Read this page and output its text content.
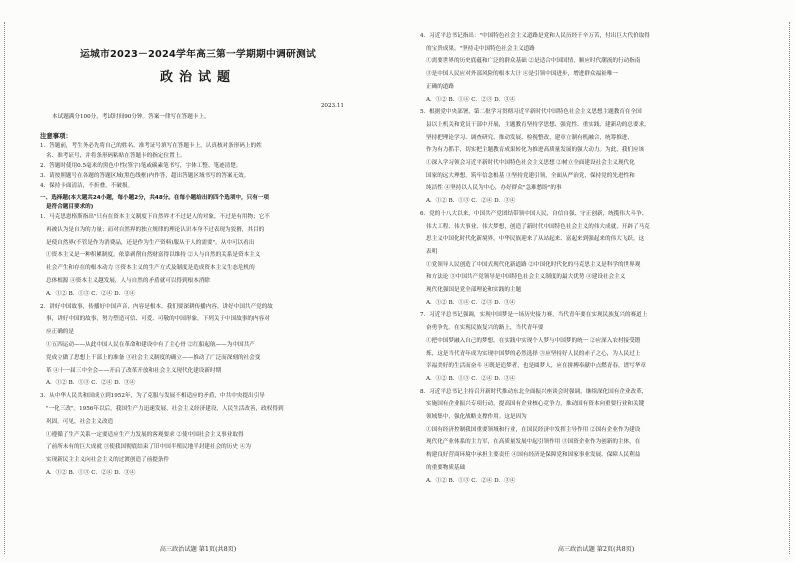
运城市2023－2024学年高三第一学期期中调研测试
政治试题
2023.11
本试题满分100分，考试时间90分钟。答案一律写在答题卡上。
注意事项：
1．答题前，考生务必先将自己的姓名、准考证号填写在答题卡上，认真核对条形码上的姓
名、准考证号，并将条形码粘贴在答题卡的指定位置上。
2．答题时使用0.5毫米的黑色中性(签字)笔或碳素笔书写，字体工整、笔迹清楚。
3．请按照题号在各题的答题区域(黑色线框)内作答，超出答题区域书写的答案无效。
4．保持卡面清洁，不折叠，不破损。
一、选择题(本大题共24小题，每小题2分，共48分。在每小题给出的四个选项中，只有一项
是符合题目要求的)
1．马克思恩格斯指出"只有在资本主义制度下自然界才不过是人的对象，不过是有用物；它不
再被认为是自为的力量；而对自然界的独立规律的理论认识本身不过表现为狡猾，其目的
是使自然界(不管是作为消费品，还是作为生产资料)服从于人的需要"。从中可以看出
①资本主义是一种积累制度，依靠剥削自然财富得以维持 ②人与自然的关系是资本主义
社会产生和存在的根本动力 ③资本主义的生产方式及制度是造成资本主义生态危机的
总体根源 ④资本主义越发展，人与自然的矛盾就可以得到根本消除
A．①② B．①③ C．②④ D．③④
2．讲好中国故事，传播好中国声音，内容是根本。我们要深耕传播内容，讲好中国共产党的故
事，讲好中国的故事，努力塑造可信、可爱、可敬的中国形象。下列关于中国故事的内容对
应正确的是
①五四运动——从此中国人民在革命和建设中有了主心骨 ②红船起航——为中国共产
党成立做了思想上干部上的准备 ③社会主义制度的确立——推动了广泛而深刻的社会变
革 ④十一届三中全会——开启了改革开放和社会主义现代化建设新时期
A．①② B．①③ C．②④ D．③④
3．从中华人民共和国成立到1952年，为了克服与发展不相适应的矛盾，中共中央提出引导
"一化三改"。1956年以后，我国生产力迅速发展，社会主义经济建设，人民生活改善，政权得到
巩固。可见，社会主义改造
①遵循了生产关系一定要适应生产力发展的客观要求 ②使中国社会主义事业取得
了前所未有的巨大成就 ③使我国彻底结束了旧中国半殖民地半封建社会的历史 ④为
实现新民主主义向社会主义的过渡创造了前提条件
A．①② B．①③ C．②④ D．③④
高三政治试题 第1页(共8页)
4．习近平总书记指出："中国特色社会主义道路是党和人民历经千辛万苦，付出巨大代价取得
的宝贵成果。"坚持走中国特色社会主义道路
①需要世界的历史底蕴和广泛的群众基础 ②是适合中国国情，顺应时代潮流的行动指南
③是中国人民应对外部风险的根本大计 ④是引领中国进步，增进群众福祉唯一
正确的道路
A．①② B．①④ C．②③ D．③④
5．根据党中央部署，第二批学习贯彻习近平新时代中国特色社会主义思想主题教育在全国
县以上机关和党员干部中开展，主题教育坚持学思想、强党性、重实践、建新功的总要求，
坚持把理论学习、调查研究、推动发展、检视整改、建章立制有机融合，统筹推进，
作为有力抓手，切实把主题教育成果转化为推进高质量发展的强大动力。为此，我们应该
①深入学习领会习近平新时代中国特色社会主义思想 ②树立全面建设社会主义现代化
国家的远大理想，筑牢信念根基 ③坚持党建引领，全面从严治党，保持党的先进性和
纯洁性 ④坚持以人民为中心，办好群众"急难愁盼"的事
A．①② B．①③ C．②④ D．③④
6．党的十八大以来，中国共产党团结带领中国人民，自信自强、守正创新，统揽伟大斗争、
伟大工程、伟大事业、伟大梦想，创造了新时代中国特色社会主义的伟大成就，开辟了马克
思主义中国化时代化新境界，中华民族迎来了从站起来、富起来到强起来的伟大飞跃。这
表明
①党领导人民创造了中国式现代化新道路 ②中国化时代化的马克思主义是科学的世界观
和方法论 ③中国共产党领导是中国特色社会主义制度的最大优势 ④建设社会主义
现代化强国是党全部理论和实践的主题
A．①② B．①④ C．②③ D．③④
7．习近平总书记强调，实现中国梦是一场历史接力赛，当代青年要在实现民族复兴的赛道上
奋勇争先。在实现民族复兴的路上，当代青年要
①把中国梦融入自己的梦想，在实践中实现个人梦与中国梦的统一 ②应深入农村接受锻
炼，这是当代青年成为实现中国梦的必然选择 ③应坚持好人民的赤子之心，为人民过上
幸福美好的生活而奋斗 ④既是追梦者，也是圆梦人，应在拼搏奉献中点燃青春，谱写华章
A．①② B．①③ C．②④ D．③④
8．习近平总书记主持召开新时代推动东北全面振兴座谈会时强调，继续深化国有企业改革，
实施国有企业振兴专项行动，提高国有企业核心竞争力，推动国有资本向重要行业和关键
领域集中，强化战略支撑作用。这是因为
①国有经济控制我国重要领域和行业，在国民经济中发挥主导作用 ②国有企业作为建设
现代化产业体系的主力军，在高质量发展中起引领作用 ③国资企业作为创新的主体，在
构建良好营商环境中承担主要责任 ④国有经济是保障党和国家事业发展、保障人民利益
的重要物质基础
A．①② B．①③ C．②④ D．③④
高三政治试题 第2页(共8页)
